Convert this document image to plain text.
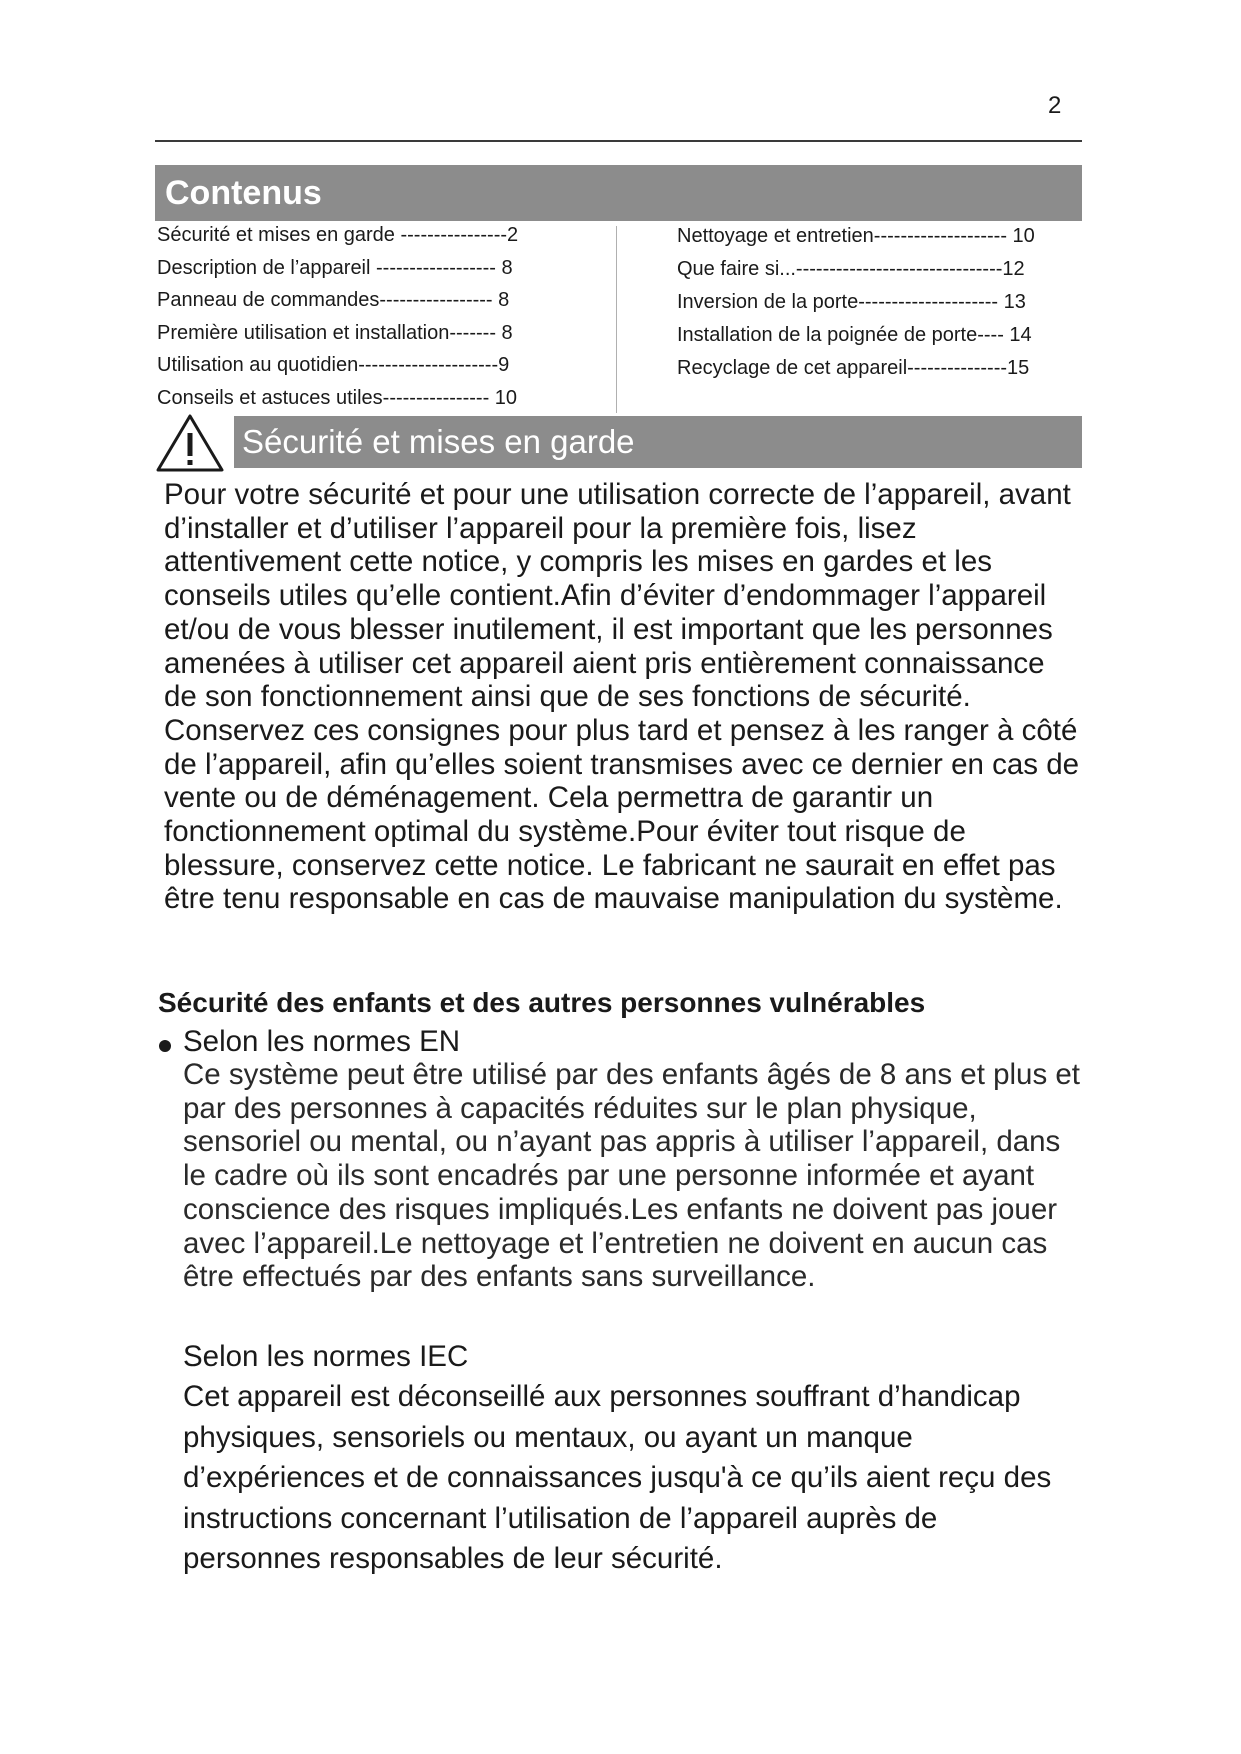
2
Contenus
Sécurité et mises en garde ----------------2
Description de l’appareil ------------------ 8
Panneau de commandes----------------- 8
Première utilisation et installation------- 8
Utilisation au quotidien---------------------9
Conseils et astuces utiles---------------- 10
Nettoyage et entretien-------------------- 10
Que faire si...-------------------------------12
Inversion de la porte--------------------- 13
Installation de la poignée de porte---- 14
Recyclage de cet appareil---------------15
Sécurité et mises en garde
Pour votre sécurité et pour une utilisation correcte de l’appareil, avant d’installer et d’utiliser l’appareil pour la première fois, lisez attentivement cette notice, y compris les mises en gardes et les conseils utiles qu’elle contient.Afin d’éviter d’endommager l’appareil et/ou de vous blesser inutilement, il est important que les personnes amenées à utiliser cet appareil aient pris entièrement connaissance de son fonctionnement ainsi que de ses fonctions de sécurité. Conservez ces consignes pour plus tard et pensez à les ranger à côté de l’appareil, afin qu’elles soient transmises avec ce dernier en cas de vente ou de déménagement. Cela permettra de garantir un fonctionnement optimal du système.Pour éviter tout risque de blessure, conservez cette notice. Le fabricant ne saurait en effet pas être tenu responsable en cas de mauvaise manipulation du système.
Sécurité des enfants et des autres personnes vulnérables
Selon les normes EN
Ce système peut être utilisé par des enfants âgés de 8 ans et plus et par des personnes à capacités réduites sur le plan physique, sensoriel ou mental, ou n’ayant pas appris à utiliser l’appareil, dans le cadre où ils sont encadrés par une personne informée et ayant conscience des risques impliqués.Les enfants ne doivent pas jouer avec l’appareil.Le nettoyage et l’entretien ne doivent en aucun cas être effectués par des enfants sans surveillance.
Selon les normes IEC
Cet appareil est déconseillé aux personnes souffrant d’handicap physiques, sensoriels ou mentaux, ou ayant un manque d’expériences et de connaissances jusqu'à ce qu’ils aient reçu des instructions concernant l’utilisation de l’appareil auprès de personnes responsables de leur sécurité.
